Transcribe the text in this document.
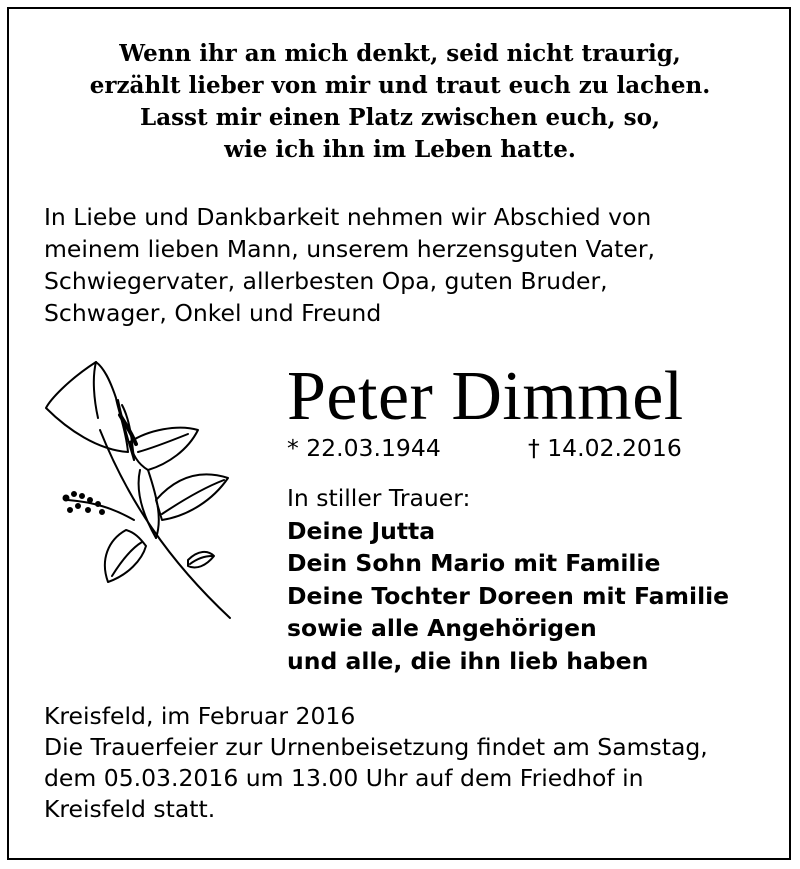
Wenn ihr an mich denkt, seid nicht traurig,
erzählt lieber von mir und traut euch zu lachen.
Lasst mir einen Platz zwischen euch, so,
wie ich ihn im Leben hatte.
In Liebe und Dankbarkeit nehmen wir Abschied von
meinem lieben Mann, unserem herzensguten Vater,
Schwiegervater, allerbesten Opa, guten Bruder,
Schwager, Onkel und Freund
Peter Dimmel
* 22.03.1944	† 14.02.2016
In stiller Trauer:
Deine Jutta
Dein Sohn Mario mit Familie
Deine Tochter Doreen mit Familie
sowie alle Angehörigen
und alle, die ihn lieb haben
Kreisfeld, im Februar 2016
Die Trauerfeier zur Urnenbeisetzung findet am Samstag,
dem 05.03.2016 um 13.00 Uhr auf dem Friedhof in
Kreisfeld statt.
